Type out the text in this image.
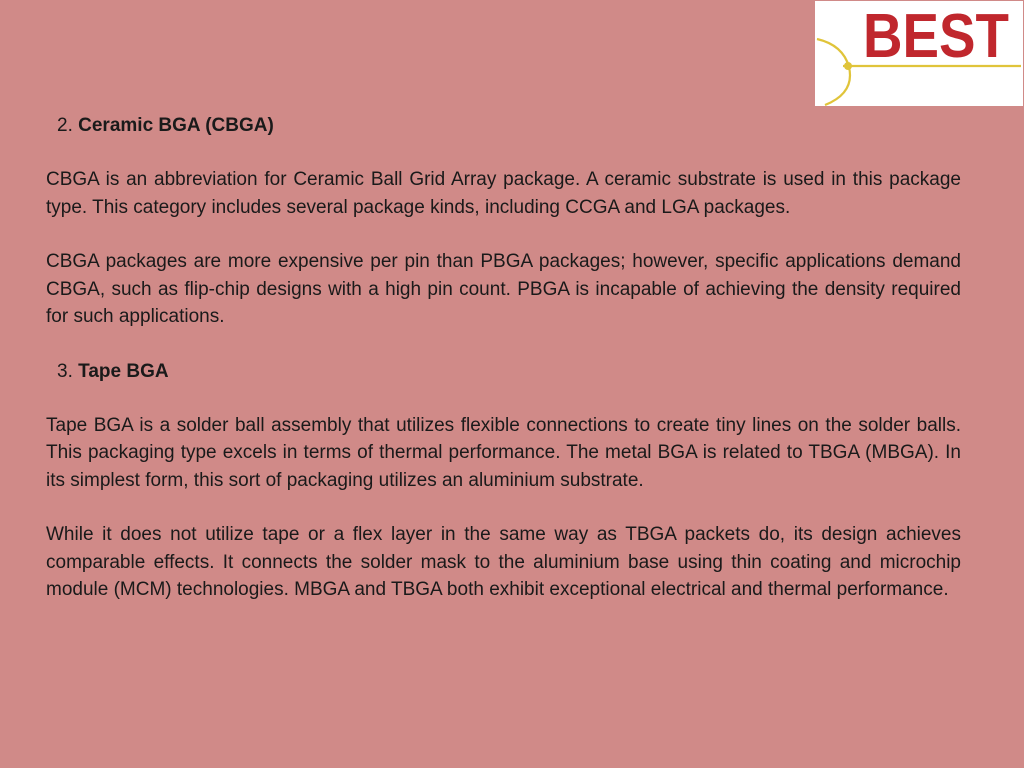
BEST
2. Ceramic BGA (CBGA)

CBGA is an abbreviation for Ceramic Ball Grid Array package. A ceramic substrate is used in this package type. This category includes several package kinds, including CCGA and LGA packages.

CBGA packages are more expensive per pin than PBGA packages; however, specific applications demand CBGA, such as flip-chip designs with a high pin count. PBGA is incapable of achieving the density required for such applications.

3. Tape BGA

Tape BGA is a solder ball assembly that utilizes flexible connections to create tiny lines on the solder balls. This packaging type excels in terms of thermal performance. The metal BGA is related to TBGA (MBGA). In its simplest form, this sort of packaging utilizes an aluminium substrate.

While it does not utilize tape or a flex layer in the same way as TBGA packets do, its design achieves comparable effects. It connects the solder mask to the aluminium base using thin coating and microchip module (MCM) technologies. MBGA and TBGA both exhibit exceptional electrical and thermal performance.
